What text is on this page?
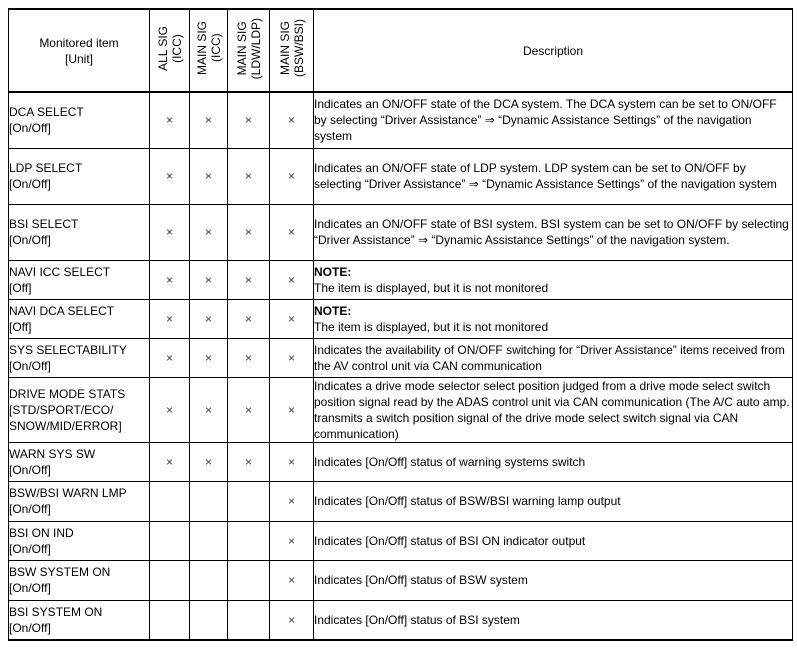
Monitored item
[Unit]	ALL SIG (ICC)	MAIN SIG (ICC)	MAIN SIG (LDW/LDP)	MAIN SIG (BSW/BSI)	Description

DCA SELECT
[On/Off]	×	×	×	×	Indicates an ON/OFF state of the DCA system. The DCA system can be set to ON/OFF by selecting “Driver Assistance” ⇒ “Dynamic Assistance Settings” of the navigation system

LDP SELECT
[On/Off]	×	×	×	×	Indicates an ON/OFF state of LDP system. LDP system can be set to ON/OFF by selecting “Driver Assistance” ⇒ “Dynamic Assistance Settings” of the navigation system

BSI SELECT
[On/Off]	×	×	×	×	Indicates an ON/OFF state of BSI system. BSI system can be set to ON/OFF by selecting “Driver Assistance” ⇒ “Dynamic Assistance Settings” of the navigation system.

NAVI ICC SELECT
[Off]	×	×	×	×	NOTE:
The item is displayed, but it is not monitored

NAVI DCA SELECT
[Off]	×	×	×	×	NOTE:
The item is displayed, but it is not monitored

SYS SELECTABILITY
[On/Off]	×	×	×	×	Indicates the availability of ON/OFF switching for “Driver Assistance” items received from the AV control unit via CAN communication

DRIVE MODE STATS
[STD/SPORT/ECO/ SNOW/MID/ERROR]	×	×	×	×	Indicates a drive mode selector select position judged from a drive mode select switch position signal read by the ADAS control unit via CAN communication (The A/C auto amp. transmits a switch position signal of the drive mode select switch signal via CAN communication)

WARN SYS SW
[On/Off]	×	×	×	×	Indicates [On/Off] status of warning systems switch

BSW/BSI WARN LMP
[On/Off]				×	Indicates [On/Off] status of BSW/BSI warning lamp output

BSI ON IND
[On/Off]				×	Indicates [On/Off] status of BSI ON indicator output

BSW SYSTEM ON
[On/Off]				×	Indicates [On/Off] status of BSW system

BSI SYSTEM ON
[On/Off]				×	Indicates [On/Off] status of BSI system
